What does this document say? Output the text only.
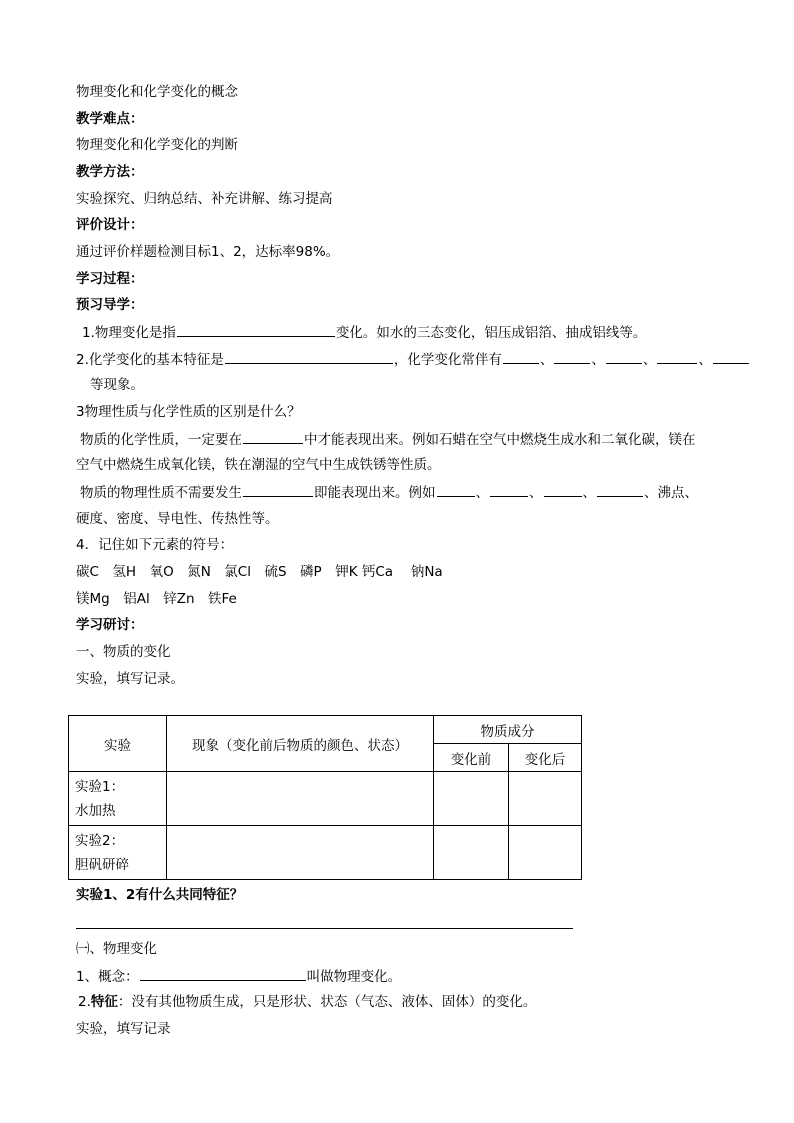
物理变化和化学变化的概念
教学难点：
物理变化和化学变化的判断
教学方法：
实验探究、归纳总结、补充讲解、练习提高
评价设计：
通过评价样题检测目标1、2，达标率98%。
学习过程：
预习导学：
1.物理变化是指	变化。如水的三态变化，铝压成铝箔、抽成铝线等。
2.化学变化的基本特征是	，化学变化常伴有	、	、	、	、
等现象。
3物理性质与化学性质的区别是什么？
物质的化学性质，一定要在	中才能表现出来。例如石蜡在空气中燃烧生成水和二氧化碳，镁在
空气中燃烧生成氧化镁，铁在潮湿的空气中生成铁锈等性质。
物质的物理性质不需要发生	即能表现出来。例如	、	、	、	、沸点、
硬度、密度、导电性、传热性等。
4．记住如下元素的符号：
碳C　氢H　氧O　氮N　氯Cl　硫S　磷P　钾K 钙Ca　 钠Na
镁Mg　铝Al　锌Zn　铁Fe
学习研讨：
一、物质的变化
实验，填写记录。
实验	现象（变化前后物质的颜色、状态）	物质成分	
		变化前	变化后

实验1：
水加热			

实验2：
胆矾研碎			

实验1、2有什么共同特征？
㈠、物理变化
1、概念：	叫做物理变化。
2.特征：没有其他物质生成，只是形状、状态（气态、液体、固体）的变化。
实验，填写记录
